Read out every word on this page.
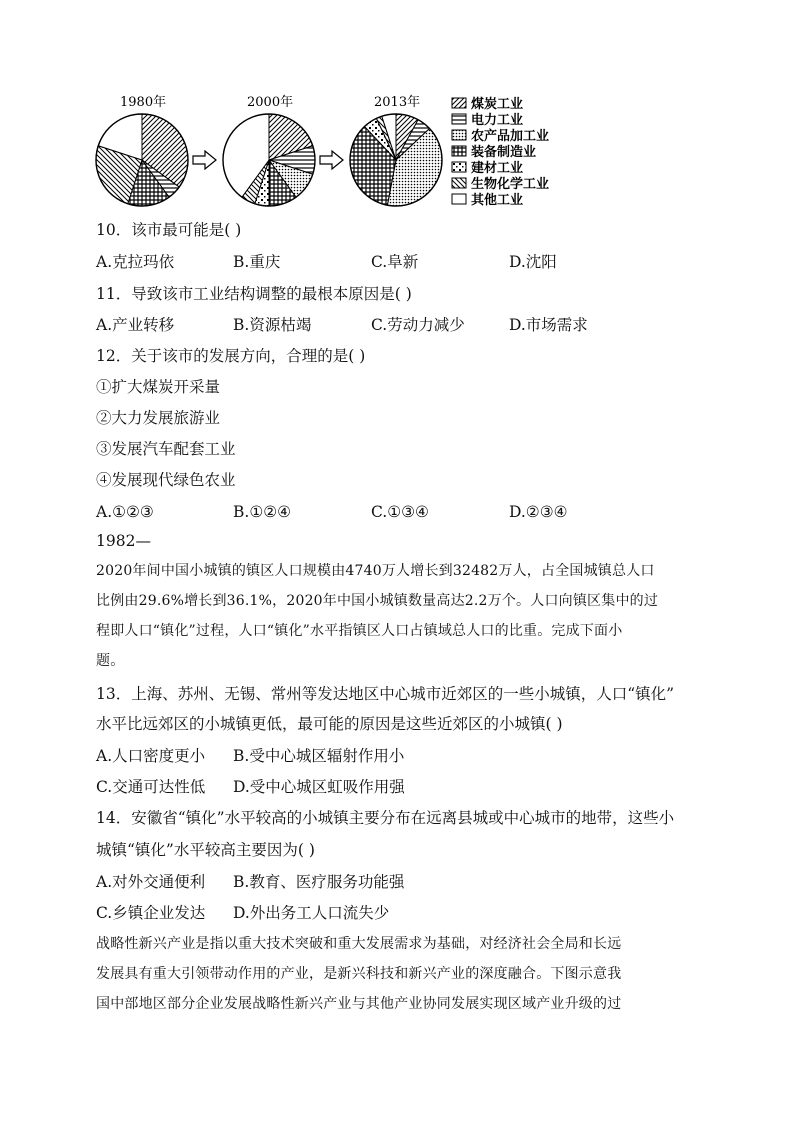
1980年	2000年	2013年	煤炭工业
电力工业
农产品加工业
装备制造业
建材工业
生物化学工业
其他工业
10．该市最可能是( )
A.克拉玛依	B.重庆	C.阜新	D.沈阳
11．导致该市工业结构调整的最根本原因是( )
A.产业转移	B.资源枯竭	C.劳动力减少	D.市场需求
12．关于该市的发展方向，合理的是( )
①扩大煤炭开采量
②大力发展旅游业
③发展汽车配套工业
④发展现代绿色农业
A.①②③	B.①②④	C.①③④	D.②③④
1982—
2020年间中国小城镇的镇区人口规模由4740万人增长到32482万人，占全国城镇总人口
比例由29.6%增长到36.1%，2020年中国小城镇数量高达2.2万个。人口向镇区集中的过
程即人口“镇化”过程，人口“镇化”水平指镇区人口占镇域总人口的比重。完成下面小
题。
13．上海、苏州、无锡、常州等发达地区中心城市近郊区的一些小城镇，人口“镇化”
水平比远郊区的小城镇更低，最可能的原因是这些近郊区的小城镇( )
A.人口密度更小 B.受中心城区辐射作用小
C.交通可达性低 D.受中心城区虹吸作用强
14．安徽省“镇化”水平较高的小城镇主要分布在远离县城或中心城市的地带，这些小
城镇“镇化”水平较高主要因为( )
A.对外交通便利 B.教育、医疗服务功能强
C.乡镇企业发达 D.外出务工人口流失少
战略性新兴产业是指以重大技术突破和重大发展需求为基础，对经济社会全局和长远
发展具有重大引领带动作用的产业，是新兴科技和新兴产业的深度融合。下图示意我
国中部地区部分企业发展战略性新兴产业与其他产业协同发展实现区域产业升级的过
